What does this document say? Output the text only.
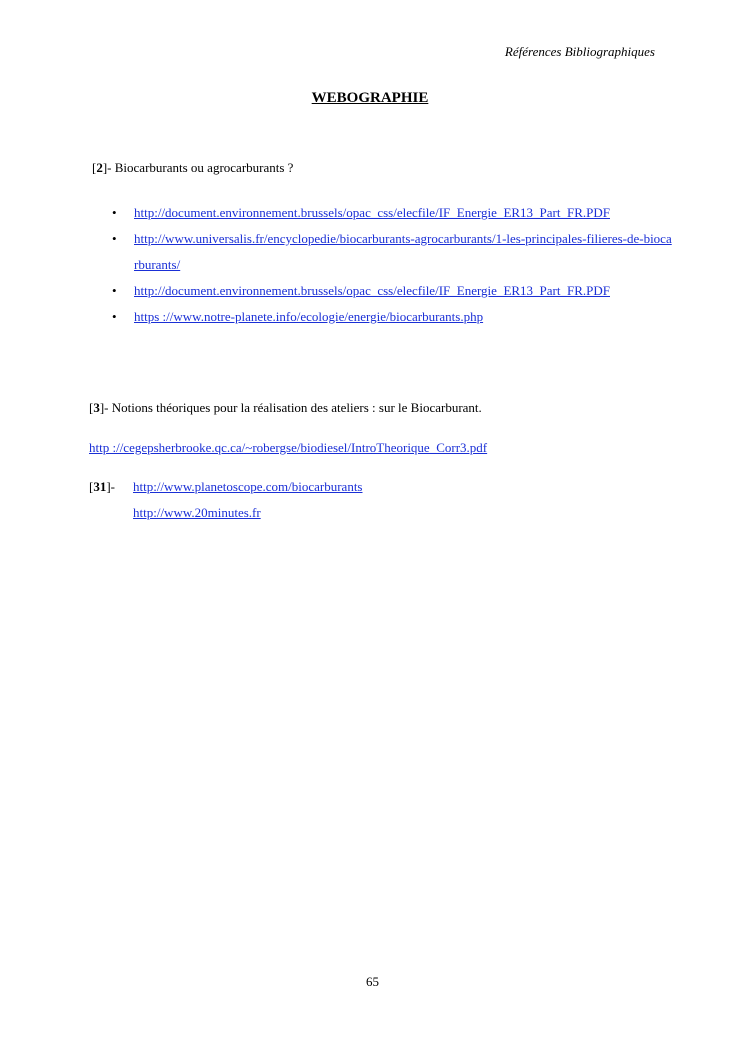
Références Bibliographiques
WEBOGRAPHIE
[2]- Biocarburants ou agrocarburants ?
• http://document.environnement.brussels/opac_css/elecfile/IF_Energie_ER13_Part_FR.PDF
• http://www.universalis.fr/encyclopedie/biocarburants-agrocarburants/1-les-principales-filieres-de-biocarburants/
• http://document.environnement.brussels/opac_css/elecfile/IF_Energie_ER13_Part_FR.PDF
• https ://www.notre-planete.info/ecologie/energie/biocarburants.php
[3]- Notions théoriques pour la réalisation des ateliers : sur le Biocarburant.
http ://cegepsherbrooke.qc.ca/~robergse/biodiesel/IntroTheorique_Corr3.pdf
[31]- http://www.planetoscope.com/biocarburants
http://www.20minutes.fr
65
